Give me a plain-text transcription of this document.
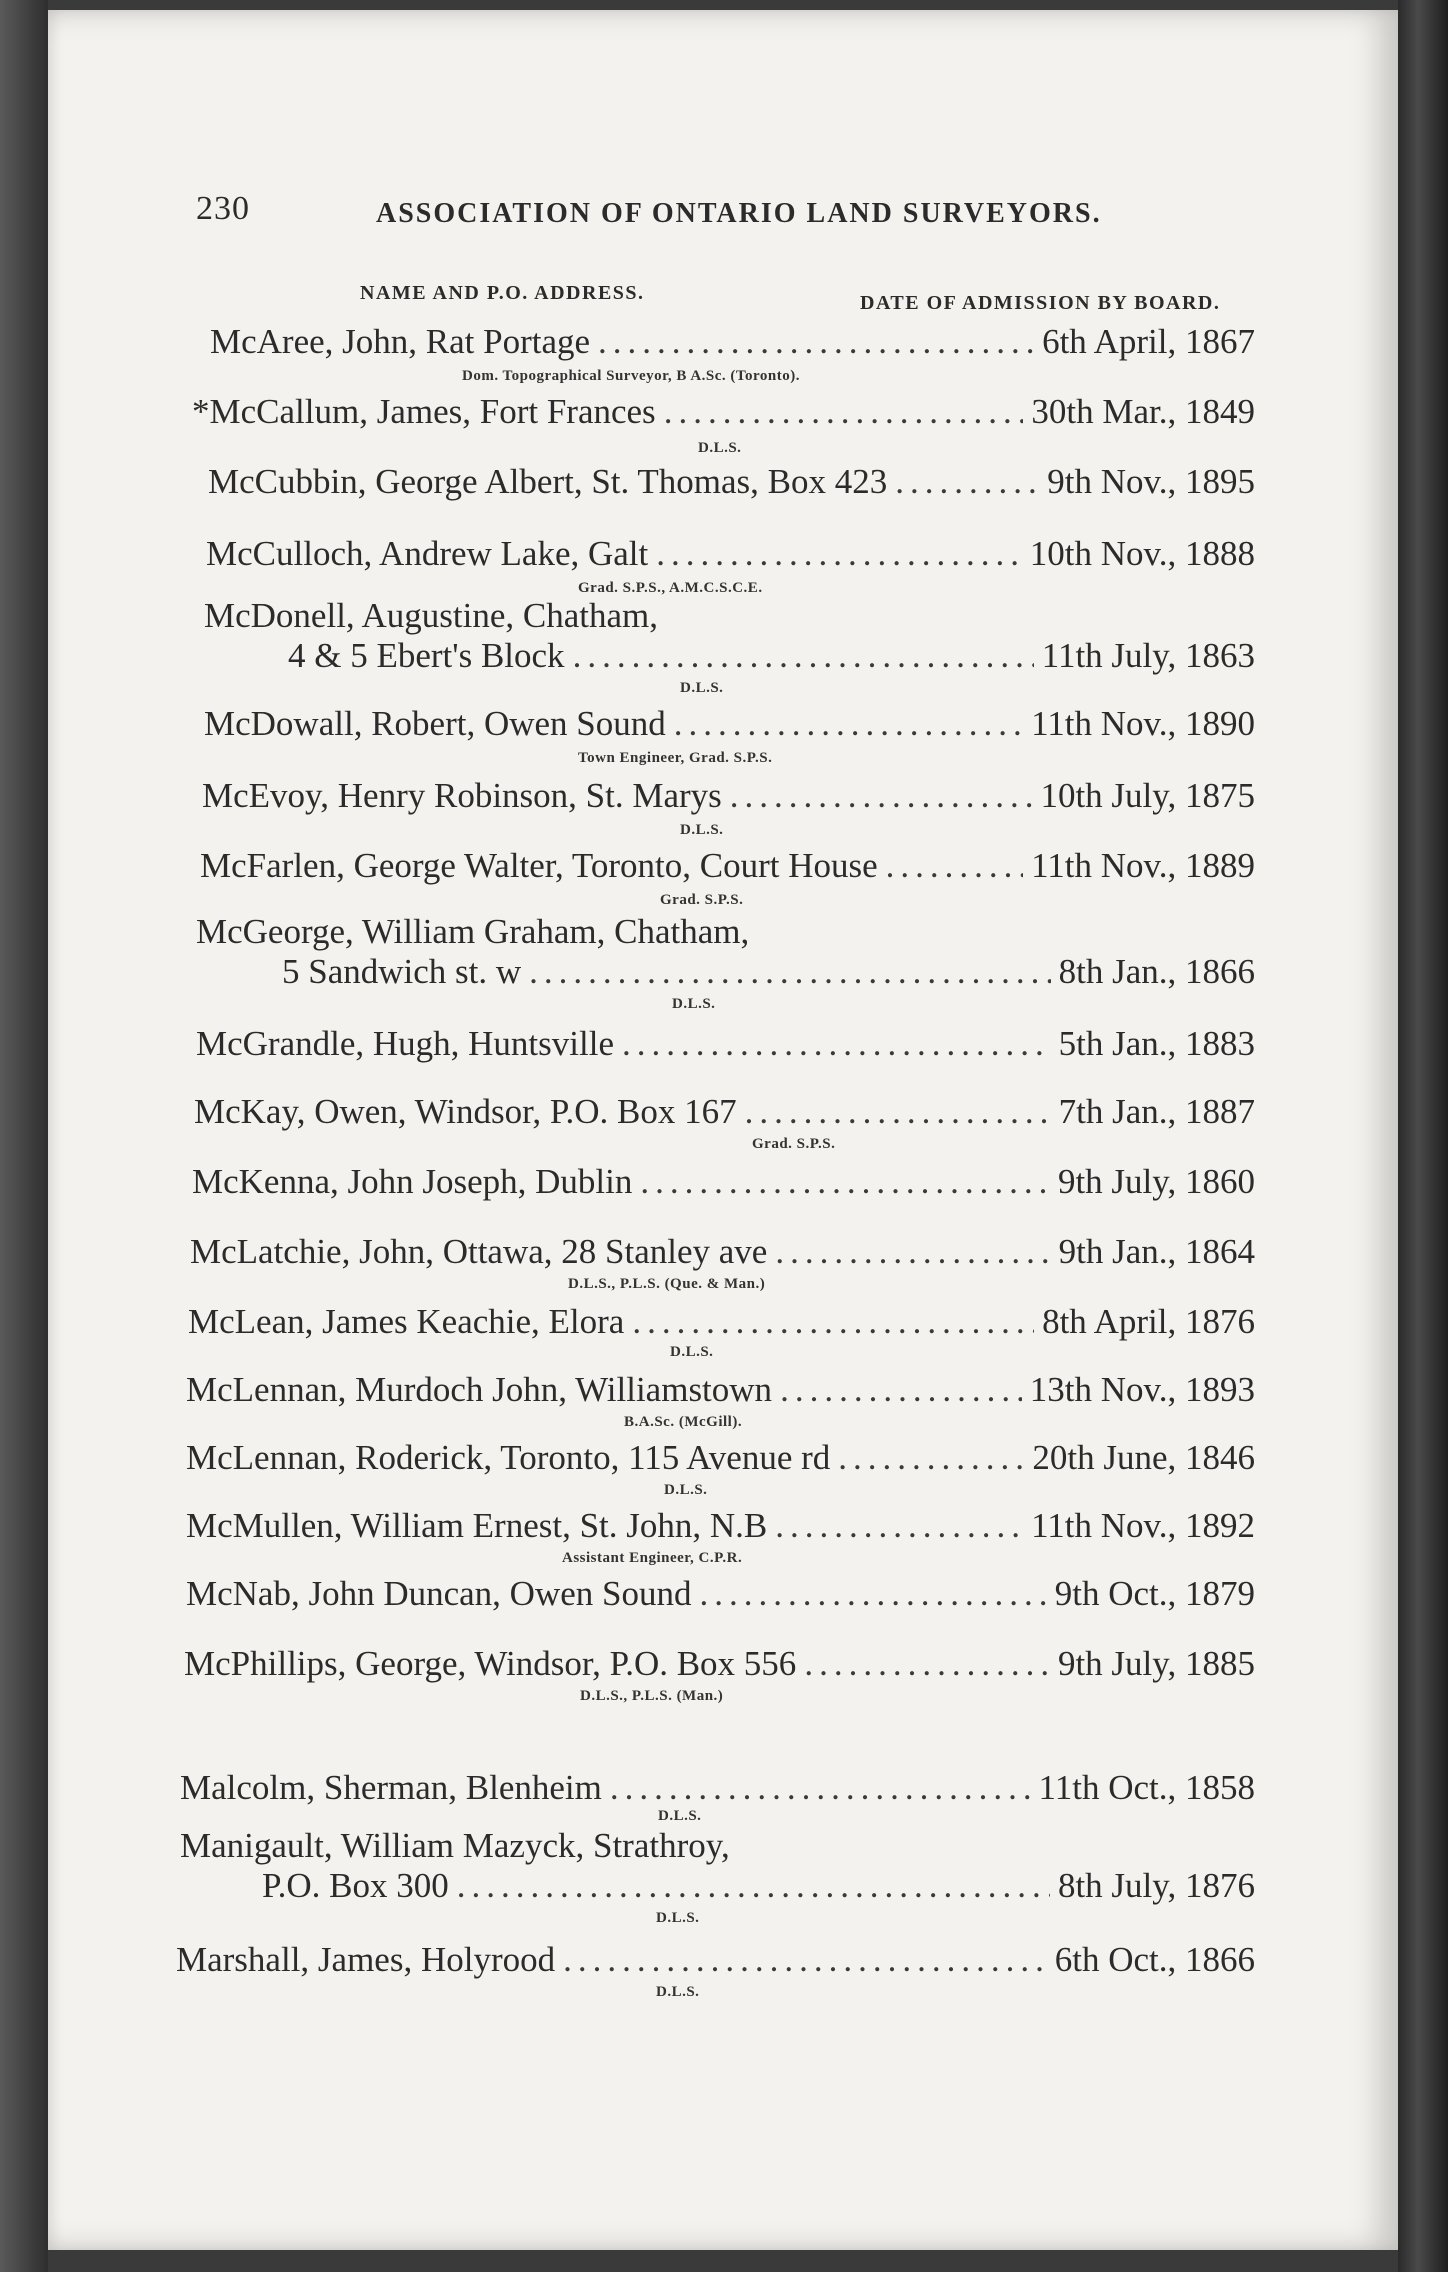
230	ASSOCIATION OF ONTARIO LAND SURVEYORS.
NAME AND P.O. ADDRESS.	DATE OF ADMISSION BY BOARD.
McAree, John, Rat Portage .....	6th April, 1867
Dom. Topographical Surveyor, B A.Sc. (Toronto).
*McCallum, James, Fort Frances .....	30th Mar., 1849
D.L.S.
McCubbin, George Albert, St. Thomas, Box 423 .....	9th Nov., 1895
McCulloch, Andrew Lake, Galt .....	10th Nov., 1888
Grad. S.P.S., A.M.C.S.C.E.
McDonell, Augustine, Chatham,
4 & 5 Ebert's Block .....	11th July, 1863
D.L.S.
McDowall, Robert, Owen Sound .....	11th Nov., 1890
Town Engineer, Grad. S.P.S.
McEvoy, Henry Robinson, St. Marys .....	10th July, 1875
D.L.S.
McFarlen, George Walter, Toronto, Court House .....	11th Nov., 1889
Grad. S.P.S.
McGeorge, William Graham, Chatham,
5 Sandwich st. w .....	8th Jan., 1866
D.L.S.
McGrandle, Hugh, Huntsville .....	5th Jan., 1883
McKay, Owen, Windsor, P.O. Box 167 .....	7th Jan., 1887
Grad. S.P.S.
McKenna, John Joseph, Dublin .....	9th July, 1860
McLatchie, John, Ottawa, 28 Stanley ave .....	9th Jan., 1864
D.L.S., P.L.S. (Que. & Man.)
McLean, James Keachie, Elora .....	8th April, 1876
D.L.S.
McLennan, Murdoch John, Williamstown .....	13th Nov., 1893
B.A.Sc. (McGill).
McLennan, Roderick, Toronto, 115 Avenue rd .....	20th June, 1846
D.L.S.
McMullen, William Ernest, St. John, N.B .....	11th Nov., 1892
Assistant Engineer, C.P.R.
McNab, John Duncan, Owen Sound .....	9th Oct., 1879
McPhillips, George, Windsor, P.O. Box 556 .....	9th July, 1885
D.L.S., P.L.S. (Man.)
Malcolm, Sherman, Blenheim .....	11th Oct., 1858
D.L.S.
Manigault, William Mazyck, Strathroy,
P.O. Box 300 .....	8th July, 1876
D.L.S.
Marshall, James, Holyrood .....	6th Oct., 1866
D.L.S.
